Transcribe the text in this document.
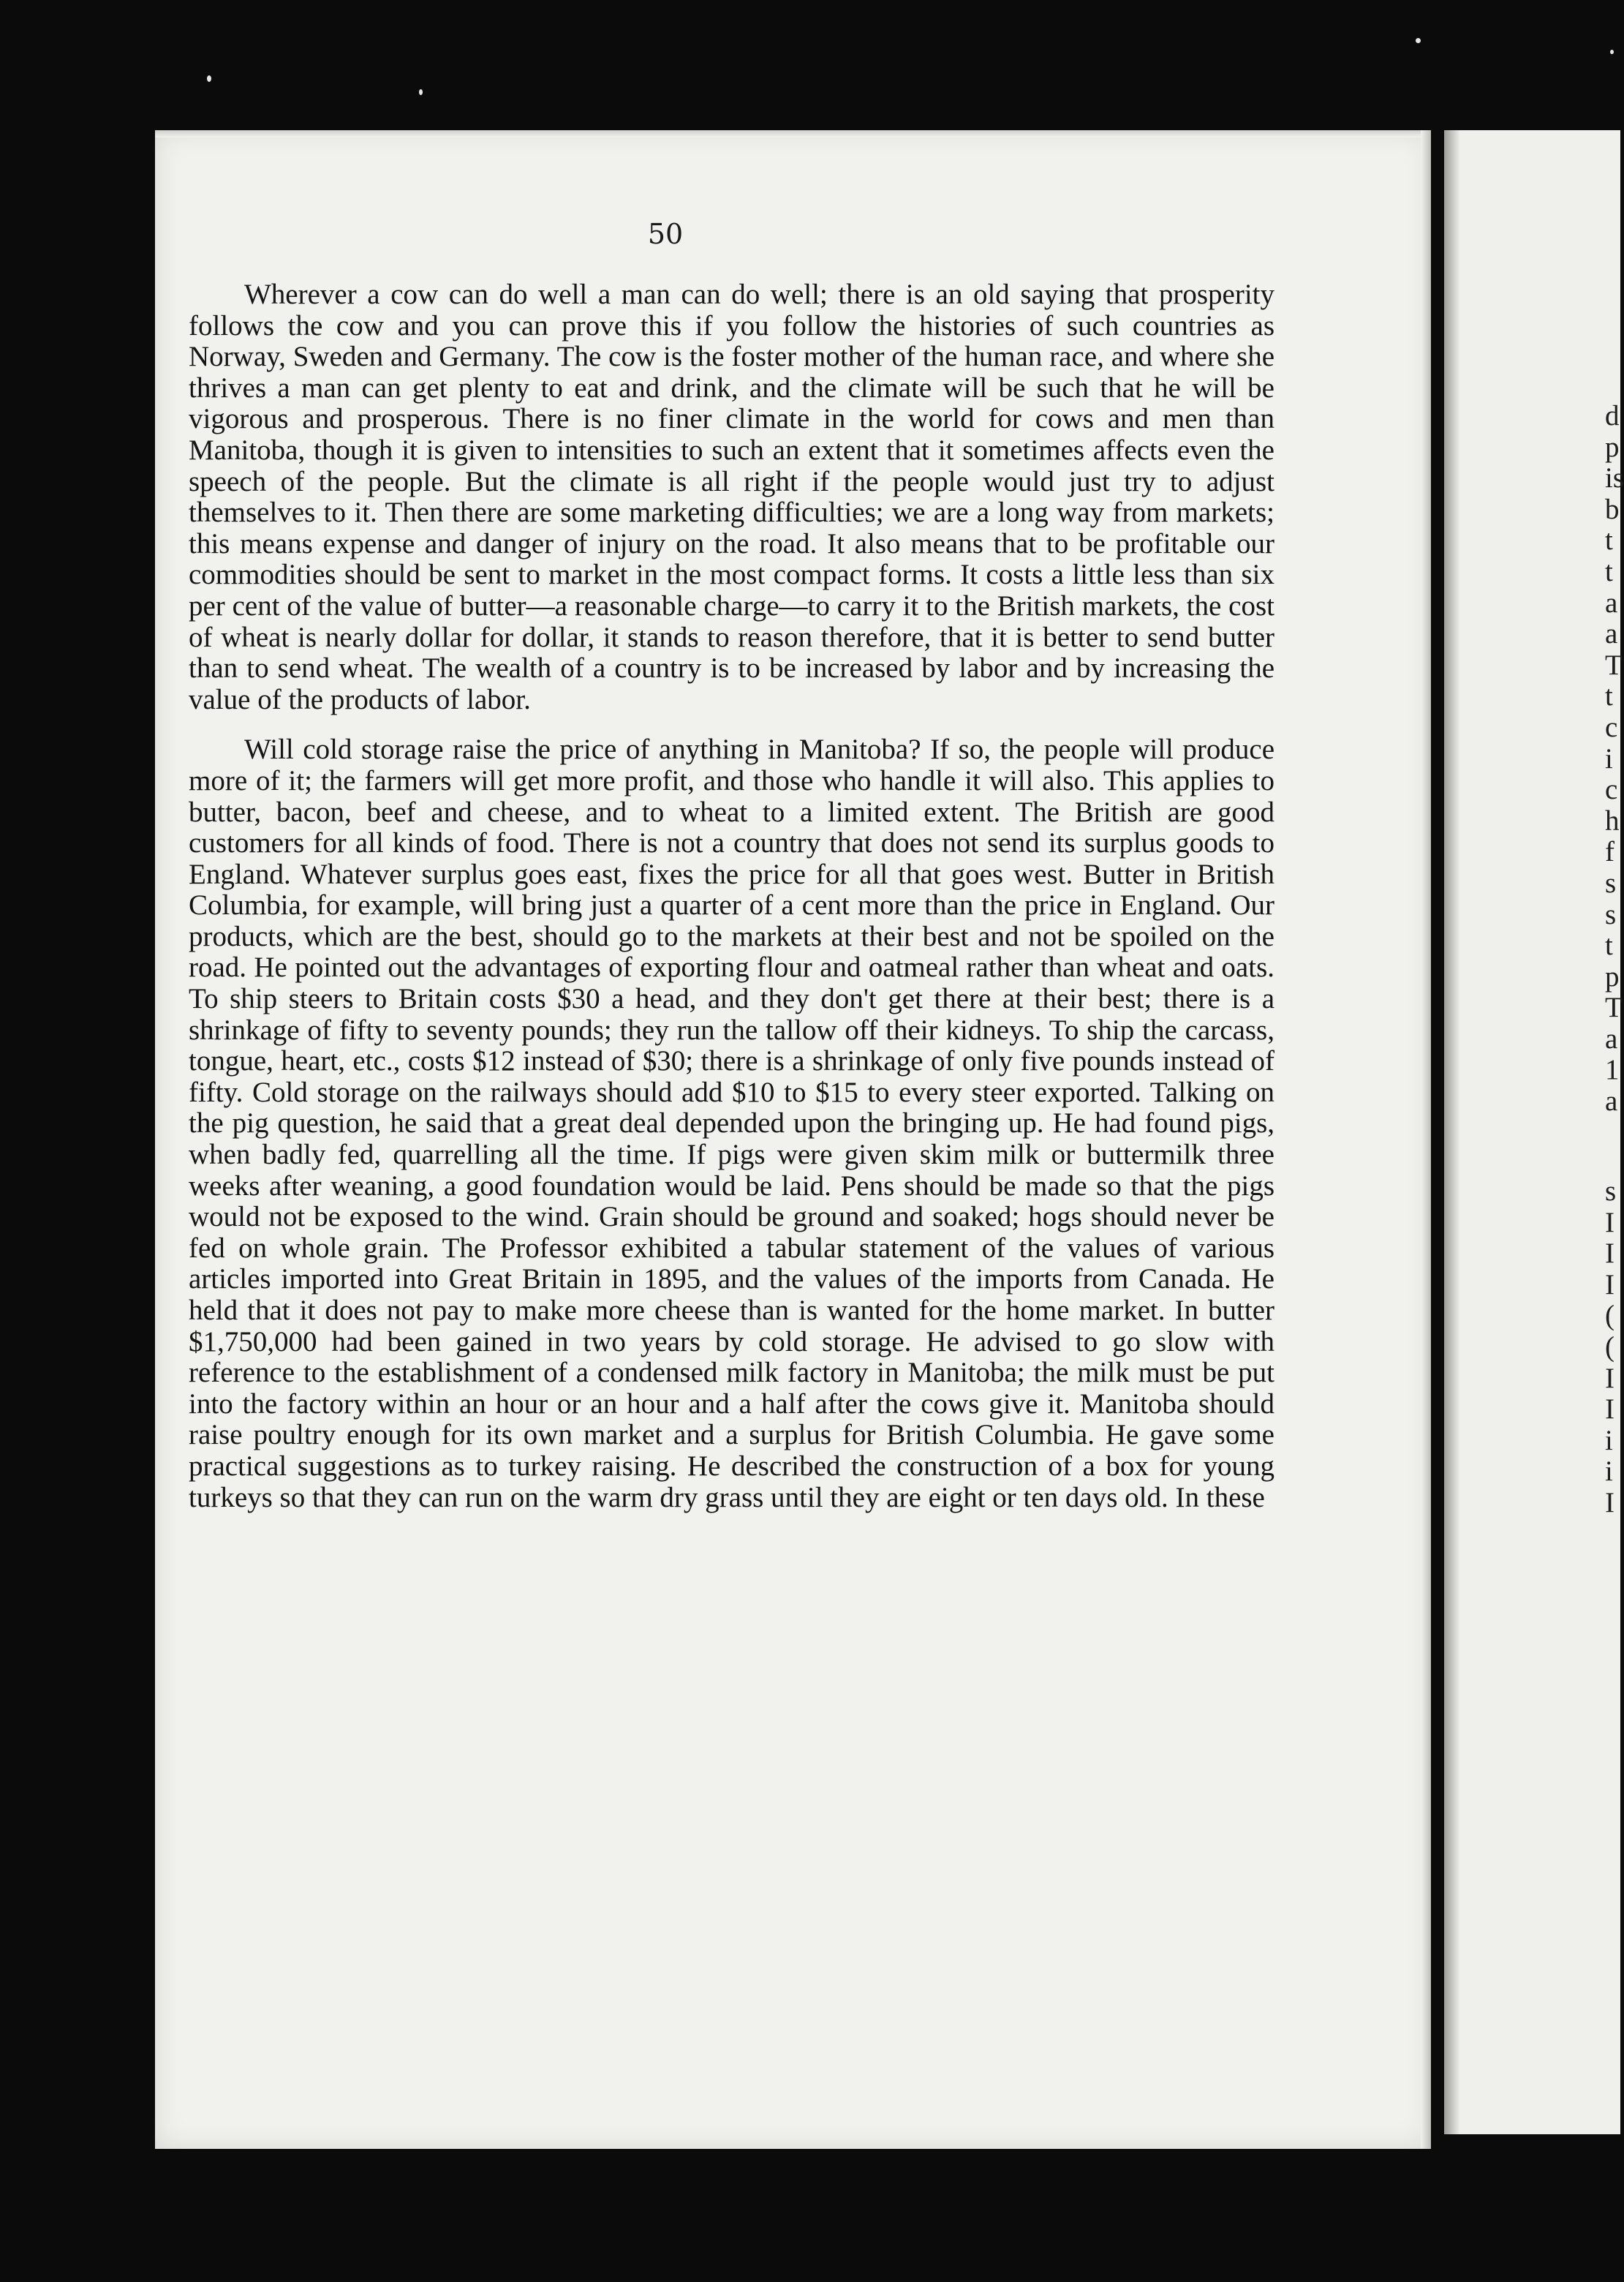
50

Wherever a cow can do well a man can do well; there is an old saying that prosperity follows the cow and you can prove this if you follow the histories of such countries as Norway, Sweden and Germany. The cow is the foster mother of the human race, and where she thrives a man can get plenty to eat and drink, and the climate will be such that he will be vigorous and prosperous. There is no finer climate in the world for cows and men than Manitoba, though it is given to intensities to such an extent that it sometimes affects even the speech of the people. But the climate is all right if the people would just try to adjust themselves to it. Then there are some marketing difficulties; we are a long way from markets; this means expense and danger of injury on the road. It also means that to be profitable our commodities should be sent to market in the most compact forms. It costs a little less than six per cent of the value of butter—a reasonable charge—to carry it to the British markets, the cost of wheat is nearly dollar for dollar, it stands to reason therefore, that it is better to send butter than to send wheat. The wealth of a country is to be increased by labor and by increasing the value of the products of labor.

Will cold storage raise the price of anything in Manitoba? If so, the people will produce more of it; the farmers will get more profit, and those who handle it will also. This applies to butter, bacon, beef and cheese, and to wheat to a limited extent. The British are good customers for all kinds of food. There is not a country that does not send its surplus goods to England. Whatever surplus goes east, fixes the price for all that goes west. Butter in British Columbia, for example, will bring just a quarter of a cent more than the price in England. Our products, which are the best, should go to the markets at their best and not be spoiled on the road. He pointed out the advantages of exporting flour and oatmeal rather than wheat and oats. To ship steers to Britain costs $30 a head, and they don't get there at their best; there is a shrinkage of fifty to seventy pounds; they run the tallow off their kidneys. To ship the carcass, tongue, heart, etc., costs $12 instead of $30; there is a shrinkage of only five pounds instead of fifty. Cold storage on the railways should add $10 to $15 to every steer exported. Talking on the pig question, he said that a great deal depended upon the bringing up. He had found pigs, when badly fed, quarrelling all the time. If pigs were given skim milk or buttermilk three weeks after weaning, a good foundation would be laid. Pens should be made so that the pigs would not be exposed to the wind. Grain should be ground and soaked; hogs should never be fed on whole grain. The Professor exhibited a tabular statement of the values of various articles imported into Great Britain in 1895, and the values of the imports from Canada. He held that it does not pay to make more cheese than is wanted for the home market. In butter $1,750,000 had been gained in two years by cold storage. He advised to go slow with reference to the establishment of a condensed milk factory in Manitoba; the milk must be put into the factory within an hour or an hour and a half after the cows give it. Manitoba should raise poultry enough for its own market and a surplus for British Columbia. He gave some practical suggestions as to turkey raising. He described the construction of a box for young turkeys so that they can run on the warm dry grass until they are eight or ten days old. In these

d
p
is
b
t
t
a
a
T
t
c
i
c
h
f
s
s
t
p
T
a
1
a
s
I
I
I
(
(
I
I
i
i
I
